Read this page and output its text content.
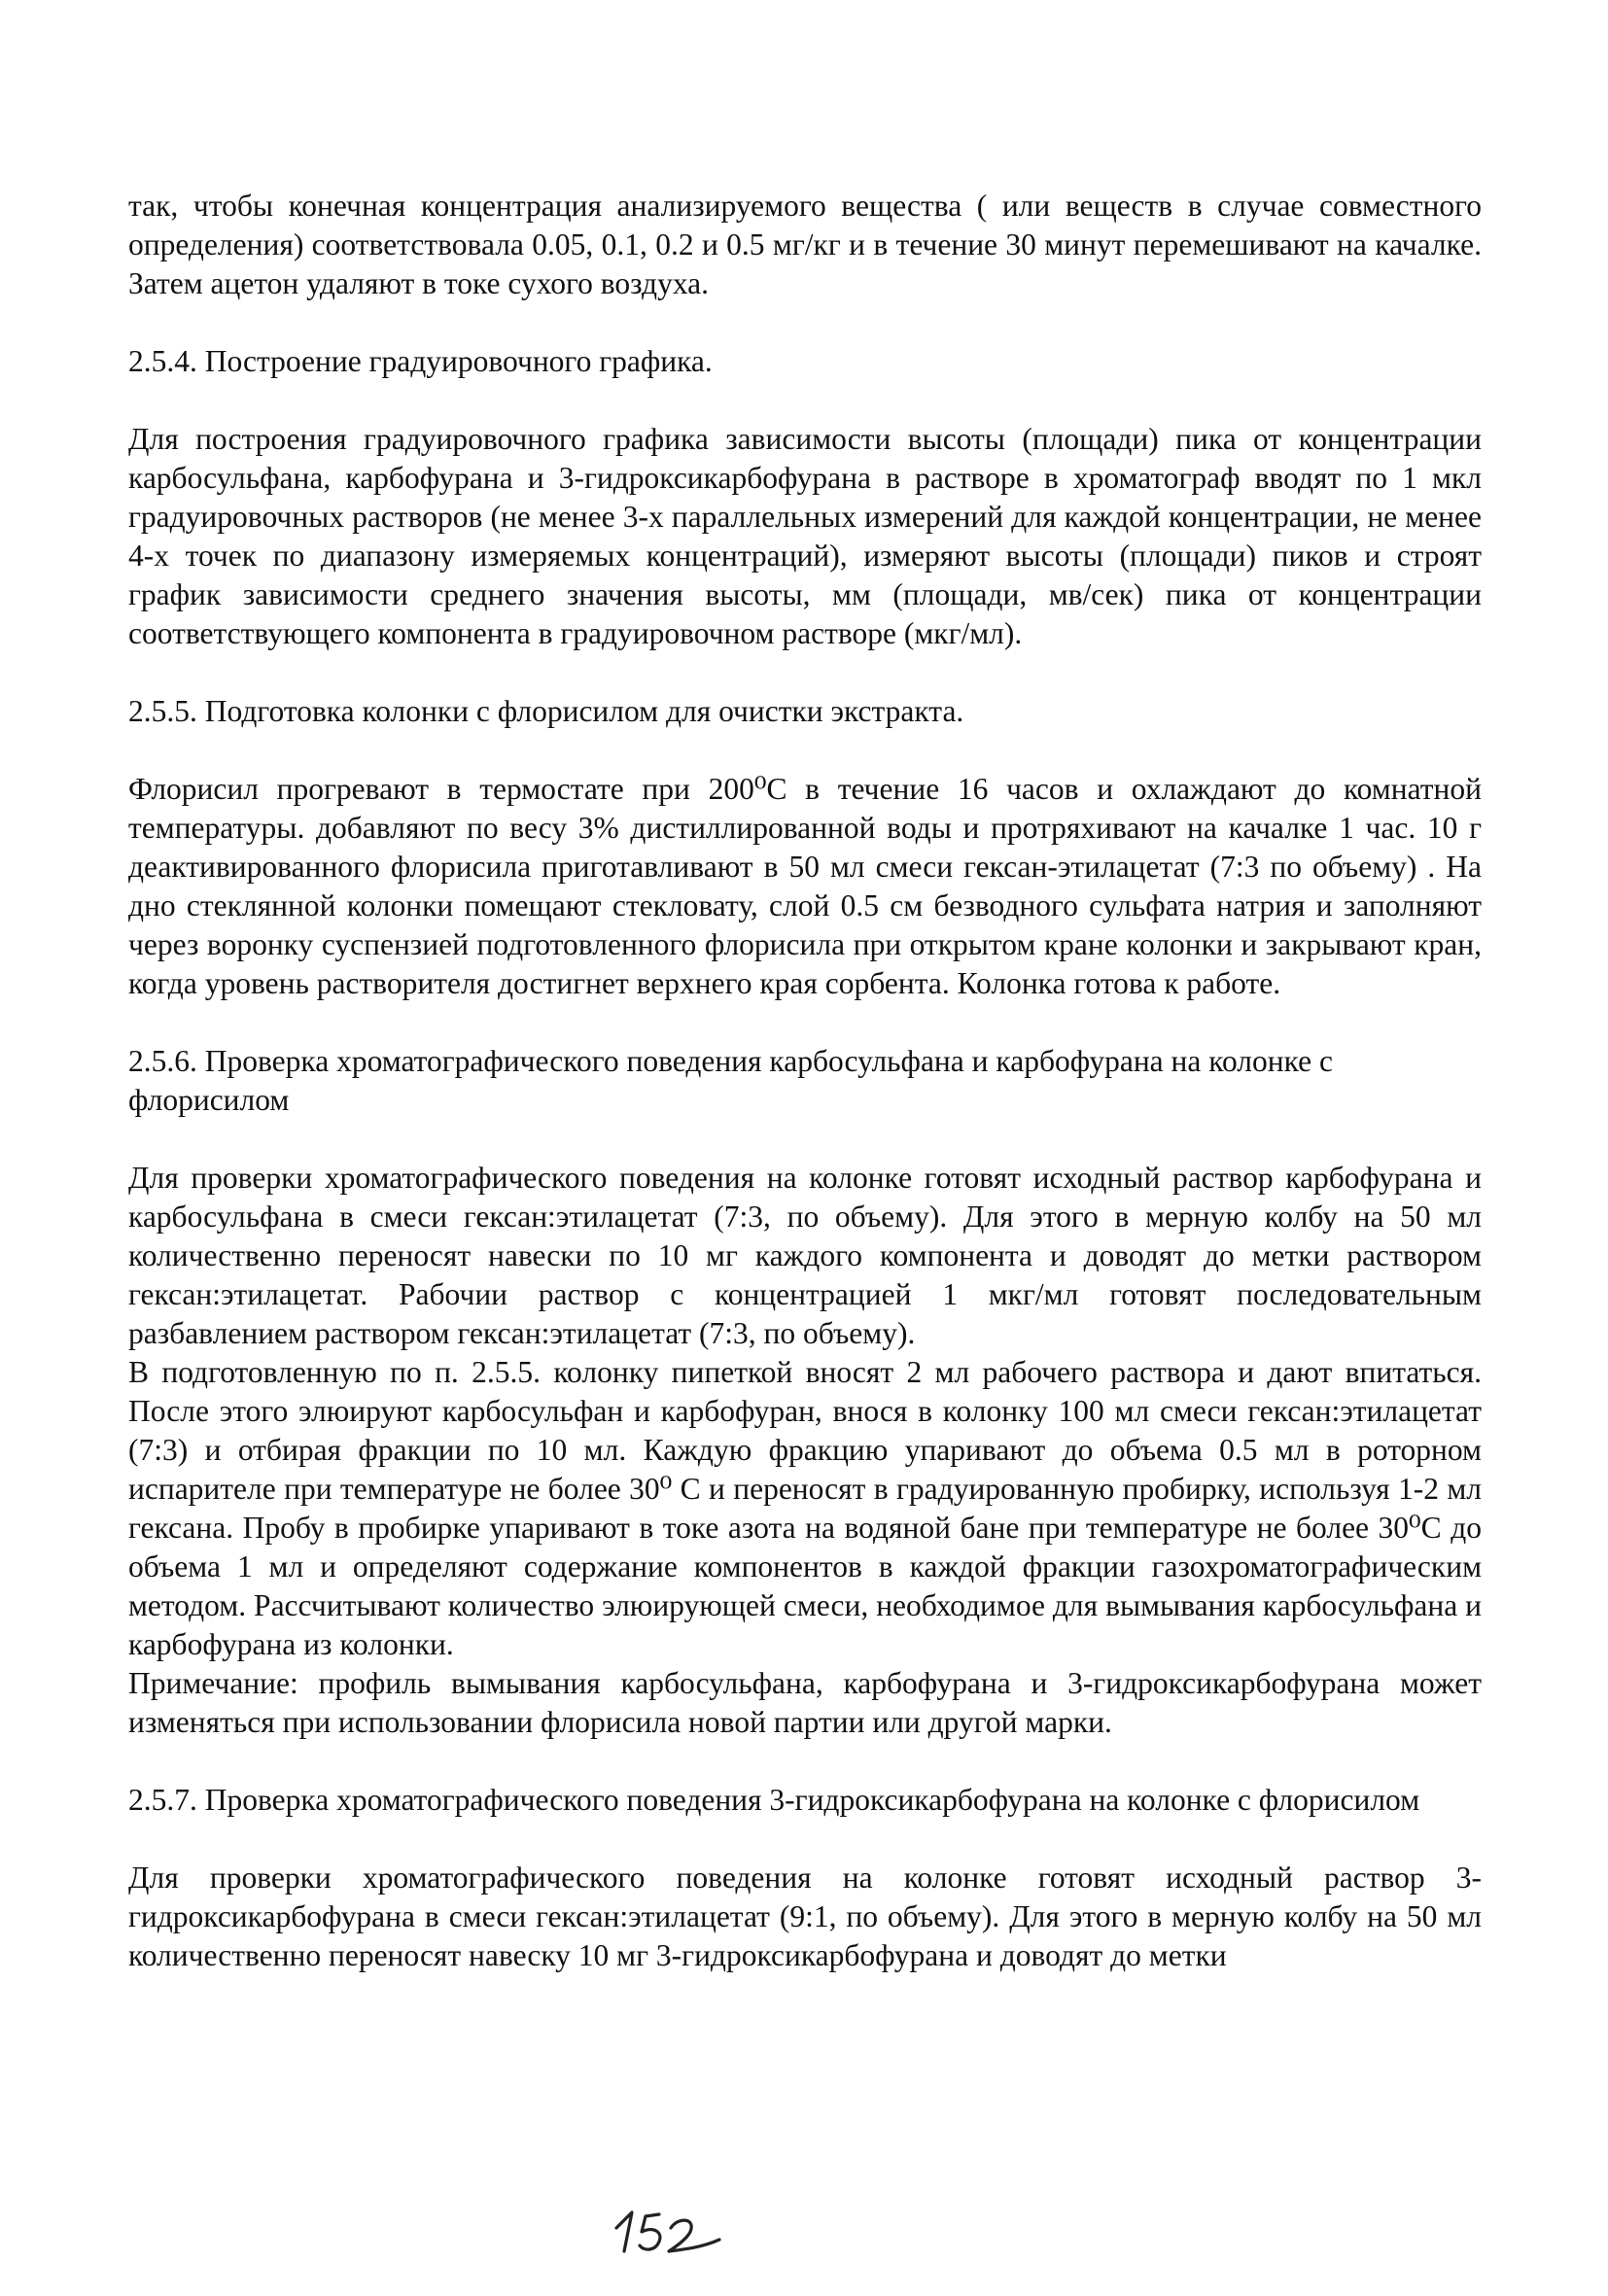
так, чтобы конечная концентрация анализируемого вещества ( или веществ в случае совместного определения) соответствовала 0.05, 0.1, 0.2 и 0.5 мг/кг и в течение 30 минут перемешивают на качалке. Затем ацетон удаляют в токе сухого воздуха.

2.5.4. Построение градуировочного графика.

Для построения градуировочного графика зависимости высоты (площади) пика от концентрации карбосульфана, карбофурана и 3-гидроксикарбофурана в растворе в хроматограф вводят по 1 мкл градуировочных растворов (не менее 3-х параллельных измерений для каждой концентрации, не менее 4-х точек по диапазону измеряемых концентраций), измеряют высоты (площади) пиков и строят график зависимости среднего значения высоты, мм (площади, мв/сек) пика от концентрации соответствующего компонента в градуировочном растворе (мкг/мл).

2.5.5. Подготовка колонки с флорисилом для очистки экстракта.

Флорисил прогревают в термостате при 200⁰С в течение 16 часов и охлаждают до комнатной температуры. добавляют по весу 3% дистиллированной воды и протряхивают на качалке 1 час. 10 г деактивированного флорисила приготавливают в 50 мл смеси гексан-этилацетат (7:3 по объему) . На дно стеклянной колонки помещают стекловату, слой 0.5 см безводного сульфата натрия и заполняют через воронку суспензией подготовленного флорисила при открытом кране колонки и закрывают кран, когда уровень растворителя достигнет верхнего края сорбента. Колонка готова к работе.

2.5.6. Проверка хроматографического поведения карбосульфана и карбофурана на колонке с флорисилом

Для проверки хроматографического поведения на колонке готовят исходный раствор карбофурана и карбосульфана в смеси гексан:этилацетат (7:3, по объему). Для этого в мерную колбу на 50 мл количественно переносят навески по 10 мг каждого компонента и доводят до метки раствором гексан:этилацетат. Рабочии раствор с концентрацией 1 мкг/мл готовят последовательным разбавлением раствором гексан:этилацетат (7:3, по объему).

В подготовленную по п. 2.5.5. колонку пипеткой вносят 2 мл рабочего раствора и дают впитаться. После этого элюируют карбосульфан и карбофуран, внося в колонку 100 мл смеси гексан:этилацетат (7:3) и отбирая фракции по 10 мл. Каждую фракцию упаривают до объема 0.5 мл в роторном испарителе при температуре не более 30⁰ С и переносят в градуированную пробирку, используя 1-2 мл гексана. Пробу в пробирке упаривают в токе азота на водяной бане при температуре не более 30⁰С до объема 1 мл и определяют содержание компонентов в каждой фракции газохроматографическим методом. Рассчитывают количество элюирующей смеси, необходимое для вымывания карбосульфана и карбофурана из колонки.

Примечание: профиль вымывания карбосульфана, карбофурана и 3-гидроксикарбофурана может изменяться при использовании флорисила новой партии или другой марки.

2.5.7. Проверка хроматографического поведения 3-гидроксикарбофурана на колонке с флорисилом

Для проверки хроматографического поведения на колонке готовят исходный раствор 3-гидроксикарбофурана в смеси гексан:этилацетат (9:1, по объему). Для этого в мерную колбу на 50 мл количественно переносят навеску 10 мг 3-гидроксикарбофурана и доводят до метки
